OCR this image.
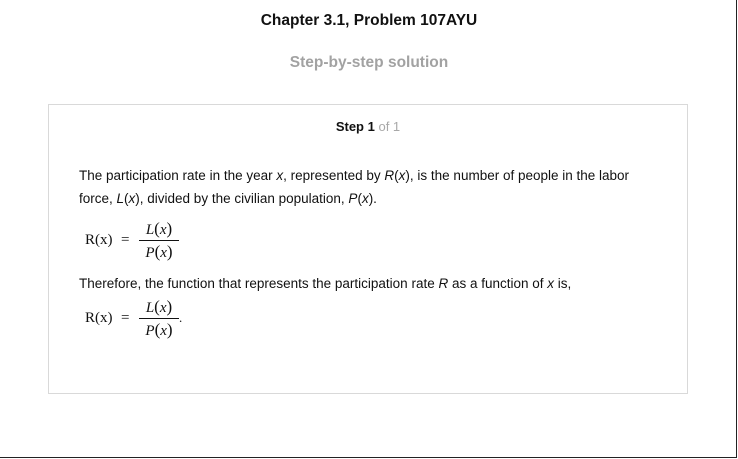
Chapter 3.1, Problem 107AYU
Step-by-step solution
Step 1 of 1
The participation rate in the year x, represented by R(x), is the number of people in the labor force, L(x), divided by the civilian population, P(x).
R(x) =
L(x)
P(x)
Therefore, the function that represents the participation rate R as a function of x is,
R(x) =
L(x)
P(x)
.
